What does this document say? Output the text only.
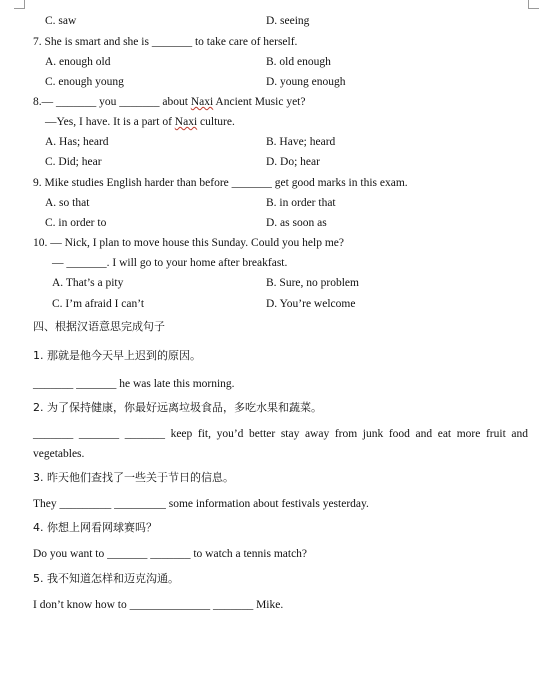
C. saw	D. seeing
7. She is smart and she is _______ to take care of herself.
A. enough old	B. old enough
C. enough young	D. young enough
8.— _______ you _______ about Naxi Ancient Music yet?
—Yes, I have. It is a part of Naxi culture.
A. Has; heard	B. Have; heard
C. Did; hear	D. Do; hear
9. Mike studies English harder than before _______ get good marks in this exam.
A. so that	B. in order that
C. in order to	D. as soon as
10. — Nick, I plan to move house this Sunday. Could you help me?
— _______. I will go to your home after breakfast.
A. That’s a pity	B. Sure, no problem
C. I’m afraid I can’t	D. You’re welcome
四、根据汉语意思完成句子
1. 那就是他今天早上迟到的原因。
_______ _______ he was late this morning.
2. 为了保持健康，你最好远离垃圾食品，多吃水果和蔬菜。
_______ _______ _______ keep fit, you’d better stay away from junk food and eat more fruit and
vegetables.
3. 昨天他们查找了一些关于节日的信息。
They _________ _________ some information about festivals yesterday.
4. 你想上网看网球赛吗？
Do you want to _______ _______ to watch a tennis match?
5. 我不知道怎样和迈克沟通。
I don’t know how to ______________ _______ Mike.
